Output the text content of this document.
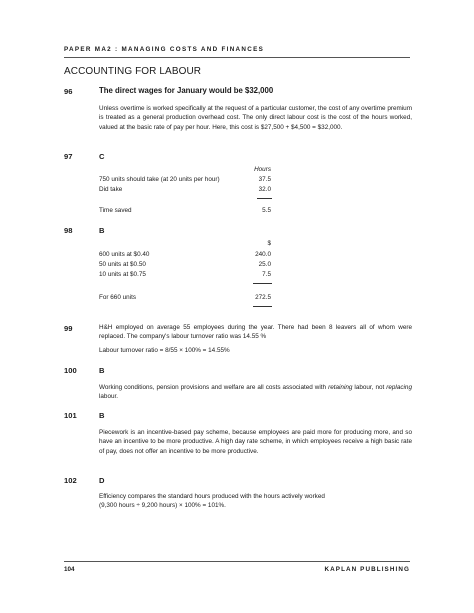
PAPER MA2 : MANAGING COSTS AND FINANCES
ACCOUNTING FOR LABOUR
96	The direct wages for January would be $32,000
Unless overtime is worked specifically at the request of a particular customer, the cost of any overtime premium is treated as a general production overhead cost. The only direct labour cost is the cost of the hours worked, valued at the basic rate of pay per hour. Here, this cost is $27,500 + $4,500 = $32,000.
97	C
Hours
750 units should take (at 20 units per hour)	37.5
Did take	32.0
Time saved	5.5
98	B
$
600 units at $0.40	240.0
50 units at $0.50	25.0
10 units at $0.75	7.5
For 660 units	272.5
99	H&H employed on average 55 employees during the year. There had been 8 leavers all of whom were replaced. The company's labour turnover ratio was 14.55 %
Labour turnover ratio = 8/55 × 100% = 14.55%
100	B
Working conditions, pension provisions and welfare are all costs associated with retaining labour, not replacing labour.
101	B
Piecework is an incentive-based pay scheme, because employees are paid more for producing more, and so have an incentive to be more productive. A high day rate scheme, in which employees receive a high basic rate of pay, does not offer an incentive to be more productive.
102	D
Efficiency compares the standard hours produced with the hours actively worked
(9,300 hours ÷ 9,200 hours) × 100% = 101%.
104	KAPLAN PUBLISHING
